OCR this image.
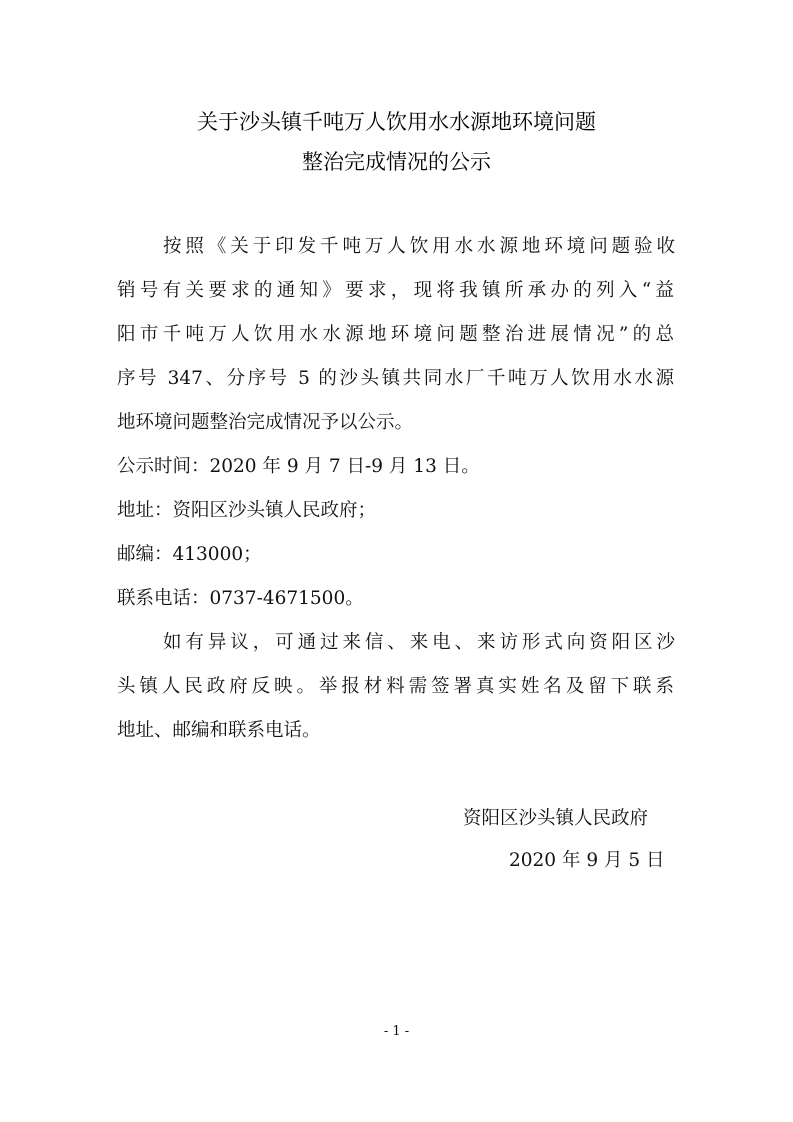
关于沙头镇千吨万人饮用水水源地环境问题
整治完成情况的公示
按照《关于印发千吨万人饮用水水源地环境问题验收
销号有关要求的通知》要求，现将我镇所承办的列入“益
阳市千吨万人饮用水水源地环境问题整治进展情况”的总
序号 347、分序号 5 的沙头镇共同水厂千吨万人饮用水水源
地环境问题整治完成情况予以公示。
公示时间：2020 年 9 月 7 日-9 月 13 日。
地址：资阳区沙头镇人民政府；
邮编：413000；
联系电话：0737-4671500。
如有异议，可通过来信、来电、来访形式向资阳区沙
头镇人民政府反映。举报材料需签署真实姓名及留下联系
地址、邮编和联系电话。
资阳区沙头镇人民政府
2020 年 9 月 5 日
- 1 -
